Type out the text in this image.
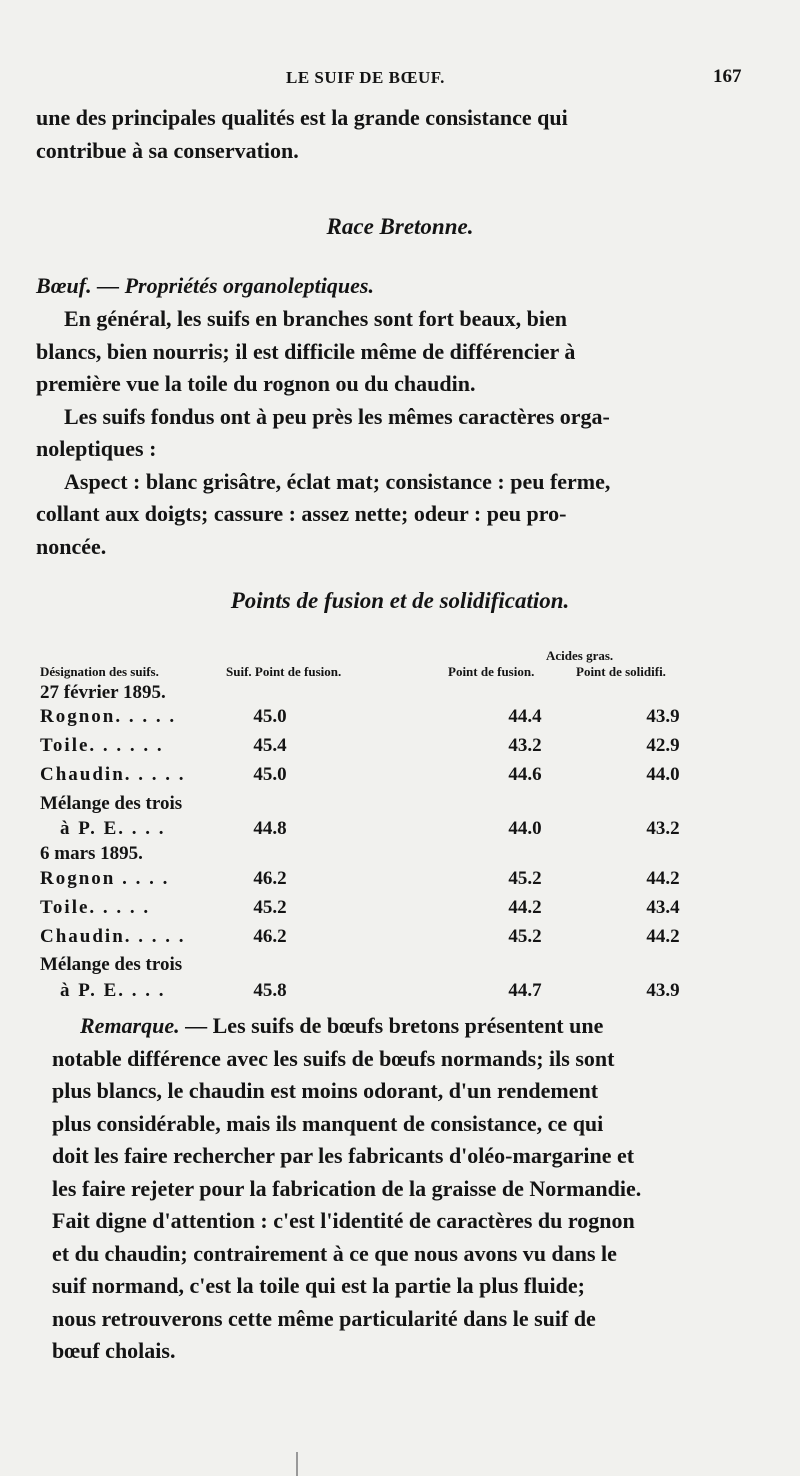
LE SUIF DE BŒUF.	167

une des principales qualités est la grande consistance qui

contribue à sa conservation.

Race Bretonne.

Bœuf. — Propriétés organoleptiques.

En général, les suifs en branches sont fort beaux, bien

blancs, bien nourris; il est difficile même de différencier à

première vue la toile du rognon ou du chaudin.

Les suifs fondus ont à peu près les mêmes caractères orga-

noleptiques :

Aspect : blanc grisâtre, éclat mat; consistance : peu ferme,

collant aux doigts; cassure : assez nette; odeur : peu pro-

noncée.

Points de fusion et de solidification.
Acides gras.
Désignation des suifs.	Suif. Point de fusion.	Point de fusion.	Point de solidifi.
27 février 1895.
Rognon. . . . .	45.0	44.4	43.9
Toile. . . . . .	45.4	43.2	42.9
Chaudin. . . . .	45.0	44.6	44.0
Mélange des trois
à P. E. . . .	44.8	44.0	43.2
6 mars 1895.
Rognon . . . .	46.2	45.2	44.2
Toile. . . . .	45.2	44.2	43.4
Chaudin. . . . .	46.2	45.2	44.2
Mélange des trois
à P. E. . . .	45.8	44.7	43.9

Remarque. — Les suifs de bœufs bretons présentent une

notable différence avec les suifs de bœufs normands; ils sont

plus blancs, le chaudin est moins odorant, d'un rendement

plus considérable, mais ils manquent de consistance, ce qui

doit les faire rechercher par les fabricants d'oléo-margarine et

les faire rejeter pour la fabrication de la graisse de Normandie.

Fait digne d'attention : c'est l'identité de caractères du rognon

et du chaudin; contrairement à ce que nous avons vu dans le

suif normand, c'est la toile qui est la partie la plus fluide;

nous retrouverons cette même particularité dans le suif de

bœuf cholais.
